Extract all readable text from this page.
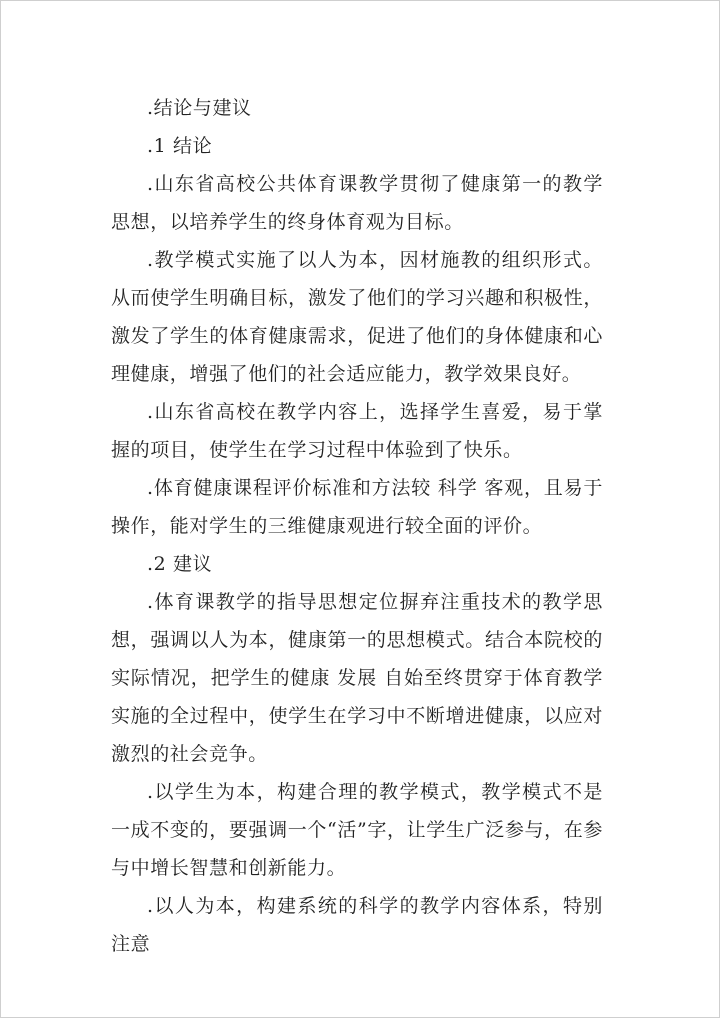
.结论与建议

.1 结论

.山东省高校公共体育课教学贯彻了健康第一的教学思想，以培养学生的终身体育观为目标。

.教学模式实施了以人为本，因材施教的组织形式。从而使学生明确目标，激发了他们的学习兴趣和积极性，激发了学生的体育健康需求，促进了他们的身体健康和心理健康，增强了他们的社会适应能力，教学效果良好。

.山东省高校在教学内容上，选择学生喜爱，易于掌握的项目，使学生在学习过程中体验到了快乐。

.体育健康课程评价标准和方法较 科学 客观，且易于操作，能对学生的三维健康观进行较全面的评价。

.2 建议

.体育课教学的指导思想定位摒弃注重技术的教学思想，强调以人为本，健康第一的思想模式。结合本院校的实际情况，把学生的健康 发展 自始至终贯穿于体育教学实施的全过程中，使学生在学习中不断增进健康，以应对激烈的社会竞争。

.以学生为本，构建合理的教学模式，教学模式不是一成不变的，要强调一个“活”字，让学生广泛参与，在参与中增长智慧和创新能力。

.以人为本，构建系统的科学的教学内容体系，特别注意
